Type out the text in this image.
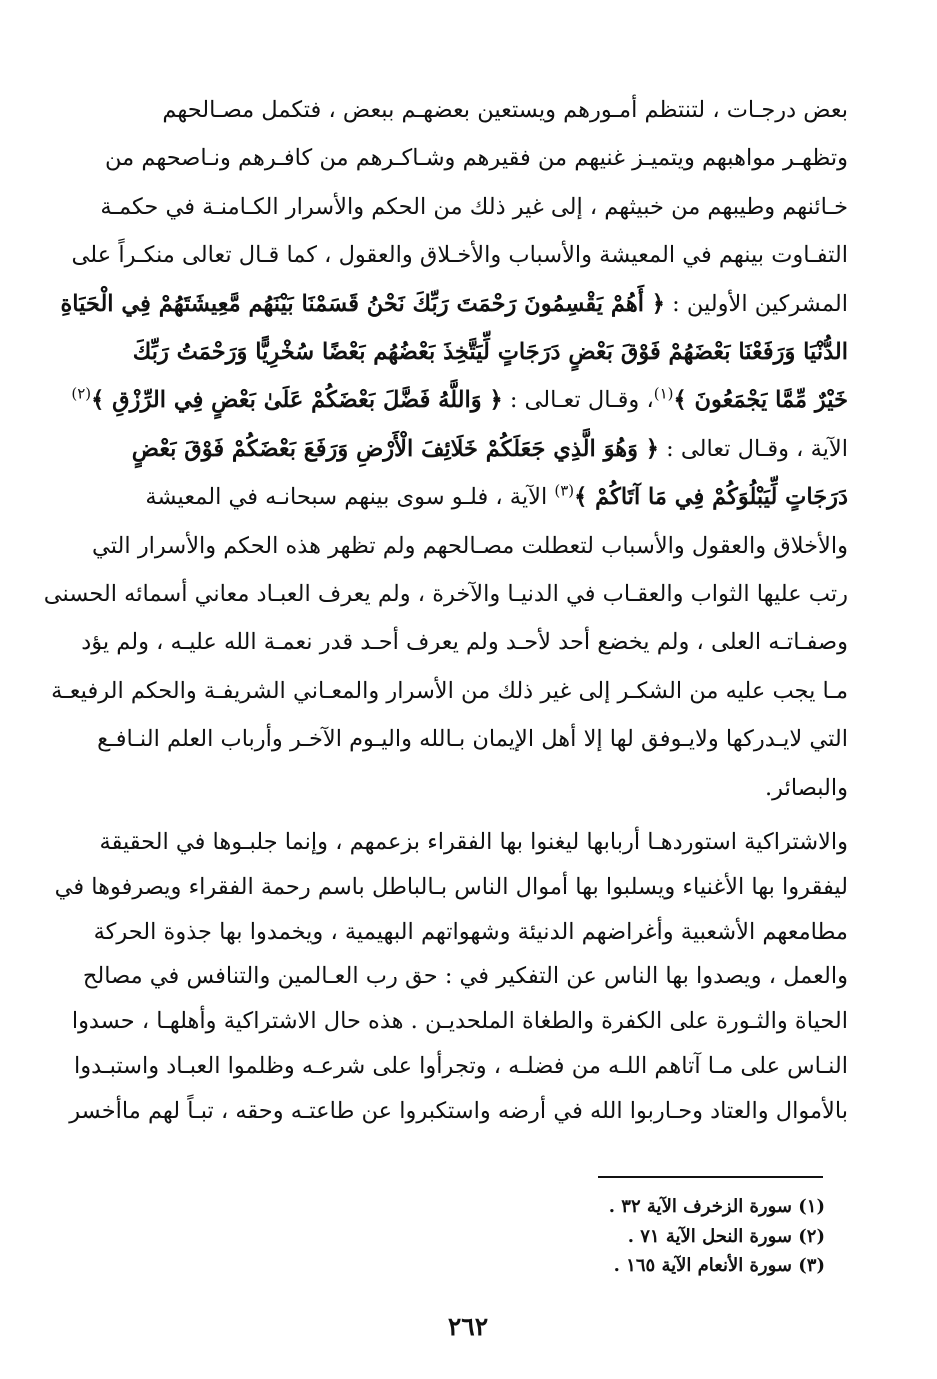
بعض درجـات ، لتنتظم أمـورهم ويستعين بعضهـم ببعض ، فتكمل مصـالحهم
وتظهـر مواهبهم ويتميـز غنيهم من فقيرهم وشـاكـرهم من كافـرهم ونـاصحهم من
خـائنهم وطيبهم من خبيثهم ، إلى غير ذلك من الحكم والأسرار الكـامنـة في حكمـة
التفـاوت بينهم في المعيشة والأسباب والأخـلاق والعقول ، كما قـال تعالى منكـراً على
المشركين الأولين : ﴿ أَهُمْ يَقْسِمُونَ رَحْمَتَ رَبِّكَ نَحْنُ قَسَمْنَا بَيْنَهُم مَّعِيشَتَهُمْ فِي الْحَيَاةِ
الدُّنْيَا وَرَفَعْنَا بَعْضَهُمْ فَوْقَ بَعْضٍ دَرَجَاتٍ لِّيَتَّخِذَ بَعْضُهُم بَعْضًا سُخْرِيًّا وَرَحْمَتُ رَبِّكَ
خَيْرٌ مِّمَّا يَجْمَعُونَ ﴾$^{(١)}$، وقـال تعـالى : ﴿ وَاللَّهُ فَضَّلَ بَعْضَكُمْ عَلَىٰ بَعْضٍ فِي الرِّزْقِ ﴾$^{(٢)}$
الآية ، وقـال تعالى : ﴿ وَهُوَ الَّذِي جَعَلَكُمْ خَلَائِفَ الْأَرْضِ وَرَفَعَ بَعْضَكُمْ فَوْقَ بَعْضٍ
دَرَجَاتٍ لِّيَبْلُوَكُمْ فِي مَا آتَاكُمْ ﴾$^{(٣)}$ الآية ، فلـو سوى بينهم سبحانـه في المعيشة
والأخلاق والعقول والأسباب لتعطلت مصـالحهم ولم تظهر هذه الحكم والأسرار التي
رتب عليها الثواب والعقـاب في الدنيـا والآخرة ، ولم يعرف العبـاد معاني أسمائه الحسنى
وصفـاتـه العلى ، ولم يخضع أحد لأحـد ولم يعرف أحـد قدر نعمـة الله عليـه ، ولم يؤد
مـا يجب عليه من الشكـر إلى غير ذلك من الأسرار والمعـاني الشريفـة والحكم الرفيعـة
التي لايـدركها ولايـوفق لها إلا أهل الإيمان بـالله واليـوم الآخـر وأرباب العلم النـافـع
والبصائر.
والاشتراكية استوردهـا أربابها ليغنوا بها الفقراء بزعمهم ، وإنما جلبـوها في الحقيقة
ليفقروا بها الأغنياء ويسلبوا بها أموال الناس بـالباطل باسم رحمة الفقراء ويصرفوها في
مطامعهم الأشعبية وأغراضهم الدنيئة وشهواتهم البهيمية ، ويخمدوا بها جذوة الحركة
والعمل ، ويصدوا بها الناس عن التفكير في : حق رب العـالمين والتنافس في مصالح
الحياة والثـورة على الكفرة والطغاة الملحديـن . هذه حال الاشتراكية وأهلهـا ، حسدوا
النـاس على مـا آتاهم اللـه من فضلـه ، وتجرأوا على شرعـه وظلموا العبـاد واستبـدوا
بالأموال والعتاد وحـاربوا الله في أرضه واستكبروا عن طاعتـه وحقه ، تبـاً لهم ماأخسر
(١) سورة الزخرف الآية ٣٢ .
(٢) سورة النحل الآية ٧١ .
(٣) سورة الأنعام الآية ١٦٥ .
٢٦٢
